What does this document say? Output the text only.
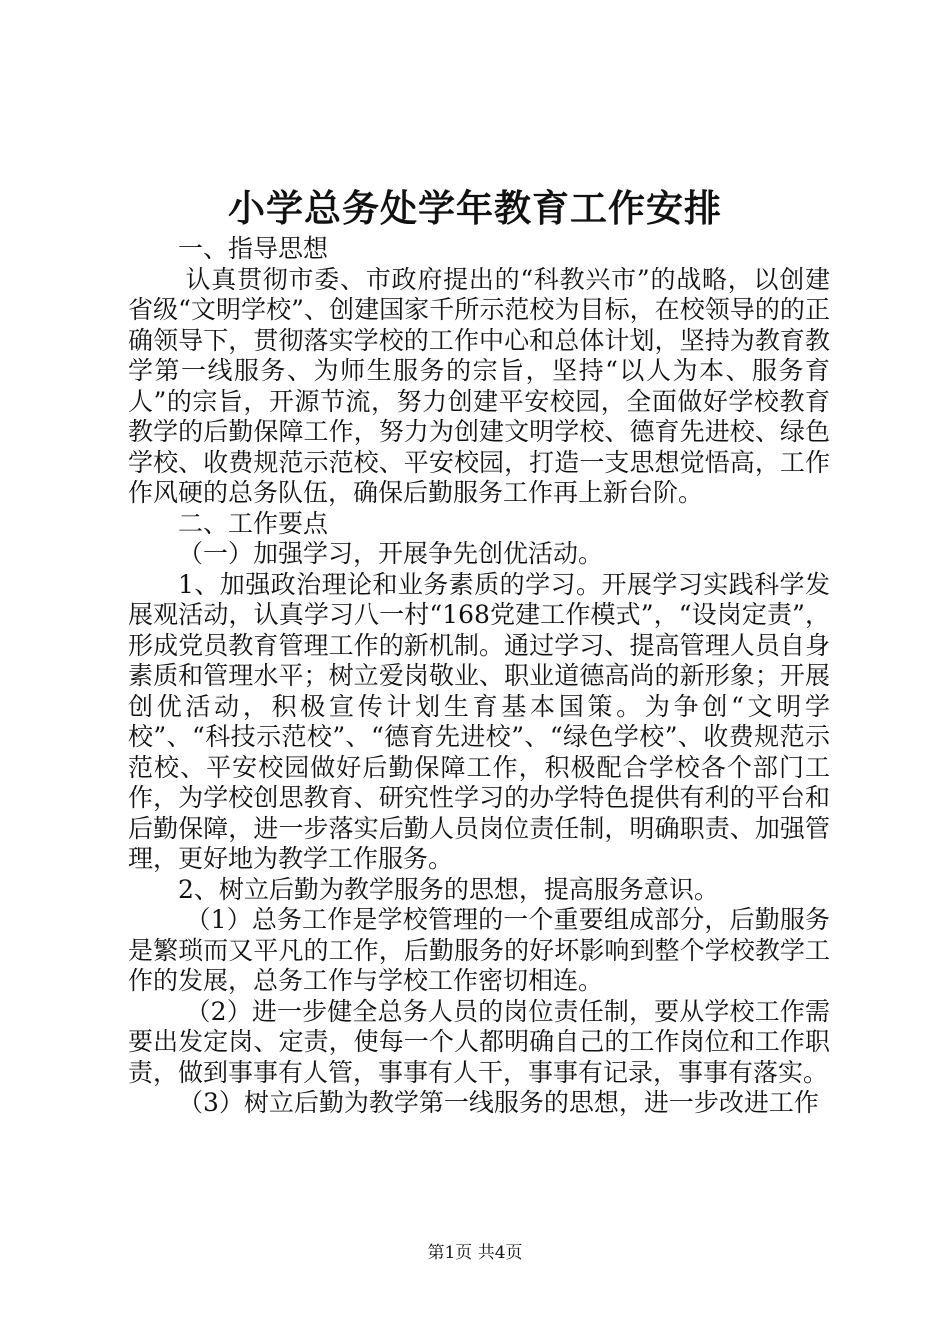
小学总务处学年教育工作安排

一、指导思想

认真贯彻市委、市政府提出的“科教兴市”的战略，以创建省级“文明学校”、创建国家千所示范校为目标，在校领导的的正确领导下，贯彻落实学校的工作中心和总体计划，坚持为教育教学第一线服务、为师生服务的宗旨，坚持“以人为本、服务育人”的宗旨，开源节流，努力创建平安校园，全面做好学校教育教学的后勤保障工作，努力为创建文明学校、德育先进校、绿色学校、收费规范示范校、平安校园，打造一支思想觉悟高，工作作风硬的总务队伍，确保后勤服务工作再上新台阶。

二、工作要点

（一）加强学习，开展争先创优活动。

1、加强政治理论和业务素质的学习。开展学习实践科学发展观活动，认真学习八一村“168党建工作模式”，“设岗定责”，形成党员教育管理工作的新机制。通过学习、提高管理人员自身素质和管理水平；树立爱岗敬业、职业道德高尚的新形象；开展创优活动，积极宣传计划生育基本国策。为争创“文明学校”、“科技示范校”、“德育先进校”、“绿色学校”、收费规范示范校、平安校园做好后勤保障工作，积极配合学校各个部门工作，为学校创思教育、研究性学习的办学特色提供有利的平台和后勤保障，进一步落实后勤人员岗位责任制，明确职责、加强管理，更好地为教学工作服务。

2、树立后勤为教学服务的思想，提高服务意识。

（1）总务工作是学校管理的一个重要组成部分，后勤服务是繁琐而又平凡的工作，后勤服务的好坏影响到整个学校教学工作的发展，总务工作与学校工作密切相连。

（2）进一步健全总务人员的岗位责任制，要从学校工作需要出发定岗、定责，使每一个人都明确自己的工作岗位和工作职责，做到事事有人管，事事有人干，事事有记录，事事有落实。

（3）树立后勤为教学第一线服务的思想，进一步改进工作

第1页 共4页
